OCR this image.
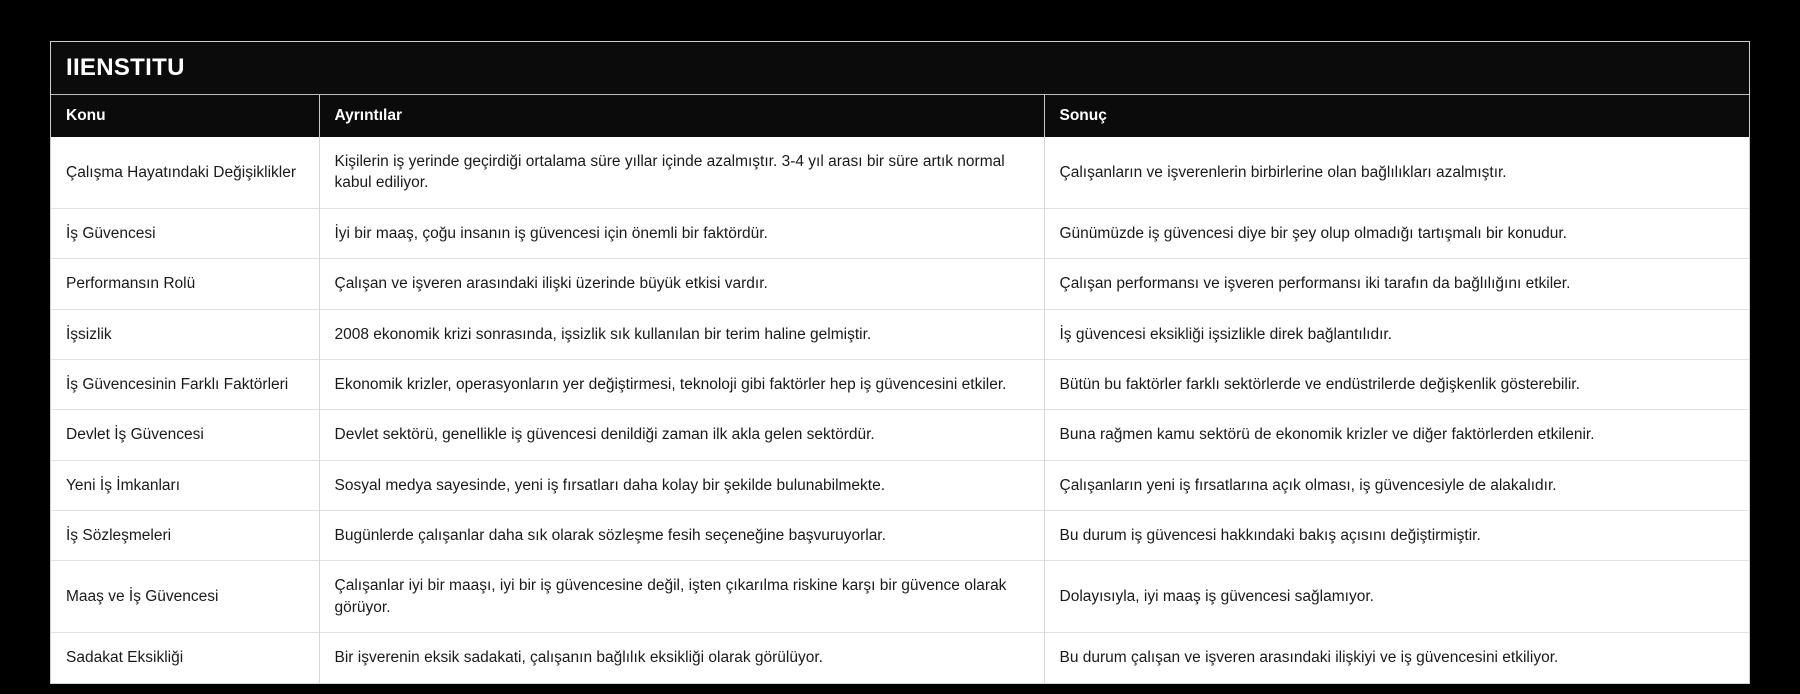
IIENSTITU
Konu	Ayrıntılar	Sonuç
Çalışma Hayatındaki Değişiklikler	Kişilerin iş yerinde geçirdiği ortalama süre yıllar içinde azalmıştır. 3-4 yıl arası bir süre artık normal kabul ediliyor.	Çalışanların ve işverenlerin birbirlerine olan bağlılıkları azalmıştır.
İş Güvencesi	İyi bir maaş, çoğu insanın iş güvencesi için önemli bir faktördür.	Günümüzde iş güvencesi diye bir şey olup olmadığı tartışmalı bir konudur.
Performansın Rolü	Çalışan ve işveren arasındaki ilişki üzerinde büyük etkisi vardır.	Çalışan performansı ve işveren performansı iki tarafın da bağlılığını etkiler.
İşsizlik	2008 ekonomik krizi sonrasında, işsizlik sık kullanılan bir terim haline gelmiştir.	İş güvencesi eksikliği işsizlikle direk bağlantılıdır.
İş Güvencesinin Farklı Faktörleri	Ekonomik krizler, operasyonların yer değiştirmesi, teknoloji gibi faktörler hep iş güvencesini etkiler.	Bütün bu faktörler farklı sektörlerde ve endüstrilerde değişkenlik gösterebilir.
Devlet İş Güvencesi	Devlet sektörü, genellikle iş güvencesi denildiği zaman ilk akla gelen sektördür.	Buna rağmen kamu sektörü de ekonomik krizler ve diğer faktörlerden etkilenir.
Yeni İş İmkanları	Sosyal medya sayesinde, yeni iş fırsatları daha kolay bir şekilde bulunabilmekte.	Çalışanların yeni iş fırsatlarına açık olması, iş güvencesiyle de alakalıdır.
İş Sözleşmeleri	Bugünlerde çalışanlar daha sık olarak sözleşme fesih seçeneğine başvuruyorlar.	Bu durum iş güvencesi hakkındaki bakış açısını değiştirmiştir.
Maaş ve İş Güvencesi	Çalışanlar iyi bir maaşı, iyi bir iş güvencesine değil, işten çıkarılma riskine karşı bir güvence olarak görüyor.	Dolayısıyla, iyi maaş iş güvencesi sağlamıyor.
Sadakat Eksikliği	Bir işverenin eksik sadakati, çalışanın bağlılık eksikliği olarak görülüyor.	Bu durum çalışan ve işveren arasındaki ilişkiyi ve iş güvencesini etkiliyor.
